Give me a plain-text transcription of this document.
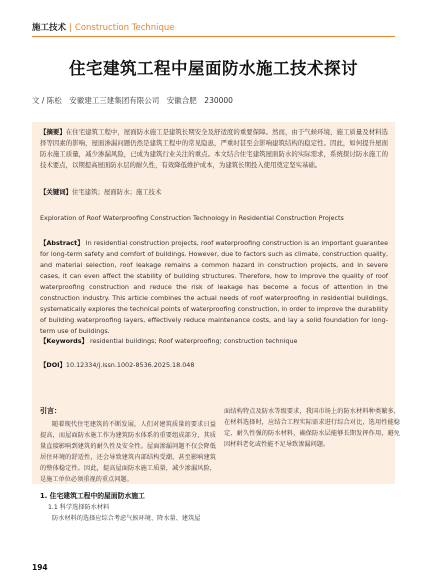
施工技术 | Construction Technique
住宅建筑工程中屋面防水施工技术探讨
文 / 陈松　安徽建工三建集团有限公司　安徽合肥　230000
【摘要】在住宅建筑工程中，屋面防水施工是建筑长期安全及舒适度的重要保障。然而，由于气候环境、施工质量及材料选择等因素的影响，屋面渗漏问题仍然是建筑工程中的常见隐患，严重时甚至会影响建筑结构的稳定性。因此，如何提升屋面防水施工质量，减少渗漏风险，已成为建筑行业关注的重点。本文结合住宅建筑屋面防水的实际需求，系统探讨防水施工的技术要点，以期提高屋面防水层的耐久性，有效降低维护成本，为建筑长期投入使用奠定坚实基础。
【关键词】住宅建筑；屋面防水；施工技术
Exploration of Roof Waterproofing Construction Technology in Residential Construction Projects
【Abstract】 In residential construction projects, roof waterproofing construction is an important guarantee for long-term safety and comfort of buildings. However, due to factors such as climate, construction quality, and material selection, roof leakage remains a common hazard in construction projects, and in severe cases, it can even affect the stability of building structures. Therefore, how to improve the quality of roof waterproofing construction and reduce the risk of leakage has become a focus of attention in the construction industry. This article combines the actual needs of roof waterproofing in residential buildings, systematically explores the technical points of waterproofing construction, in order to improve the durability of building waterproofing layers, effectively reduce maintenance costs, and lay a solid foundation for long-term use of buildings.
【Keywords】 residential buildings; Roof waterproofing; construction technique
【DOI】10.12334/j.issn.1002-8536.2025.18.048
引言：

随着现代住宅建筑的不断发展，人们对建筑质量的要求日益提高，而屋面防水施工作为建筑防水体系的重要组成部分，其质量直接影响到建筑的耐久性及安全性。屋面渗漏问题不仅会降低居住环境的舒适性，还会导致建筑内部结构受潮，甚至影响建筑的整体稳定性。因此，提高屋面防水施工质量，减少渗漏风险，是施工单位必须重视的重点问题。

1. 住宅建筑工程中的屋面防水施工
1.1 科学选择防水材料

防水材料的选择应综合考虑气候环境、降水量、建筑屋

面结构特点及防水等级要求，我国市场上的防水材料种类繁多，在材料选择时，应结合工程实际需求进行综合对比，选用性能稳定、耐久性强的防水材料，确保防水层能够长期发挥作用，避免因材料老化或性能不足导致渗漏问题。

194
